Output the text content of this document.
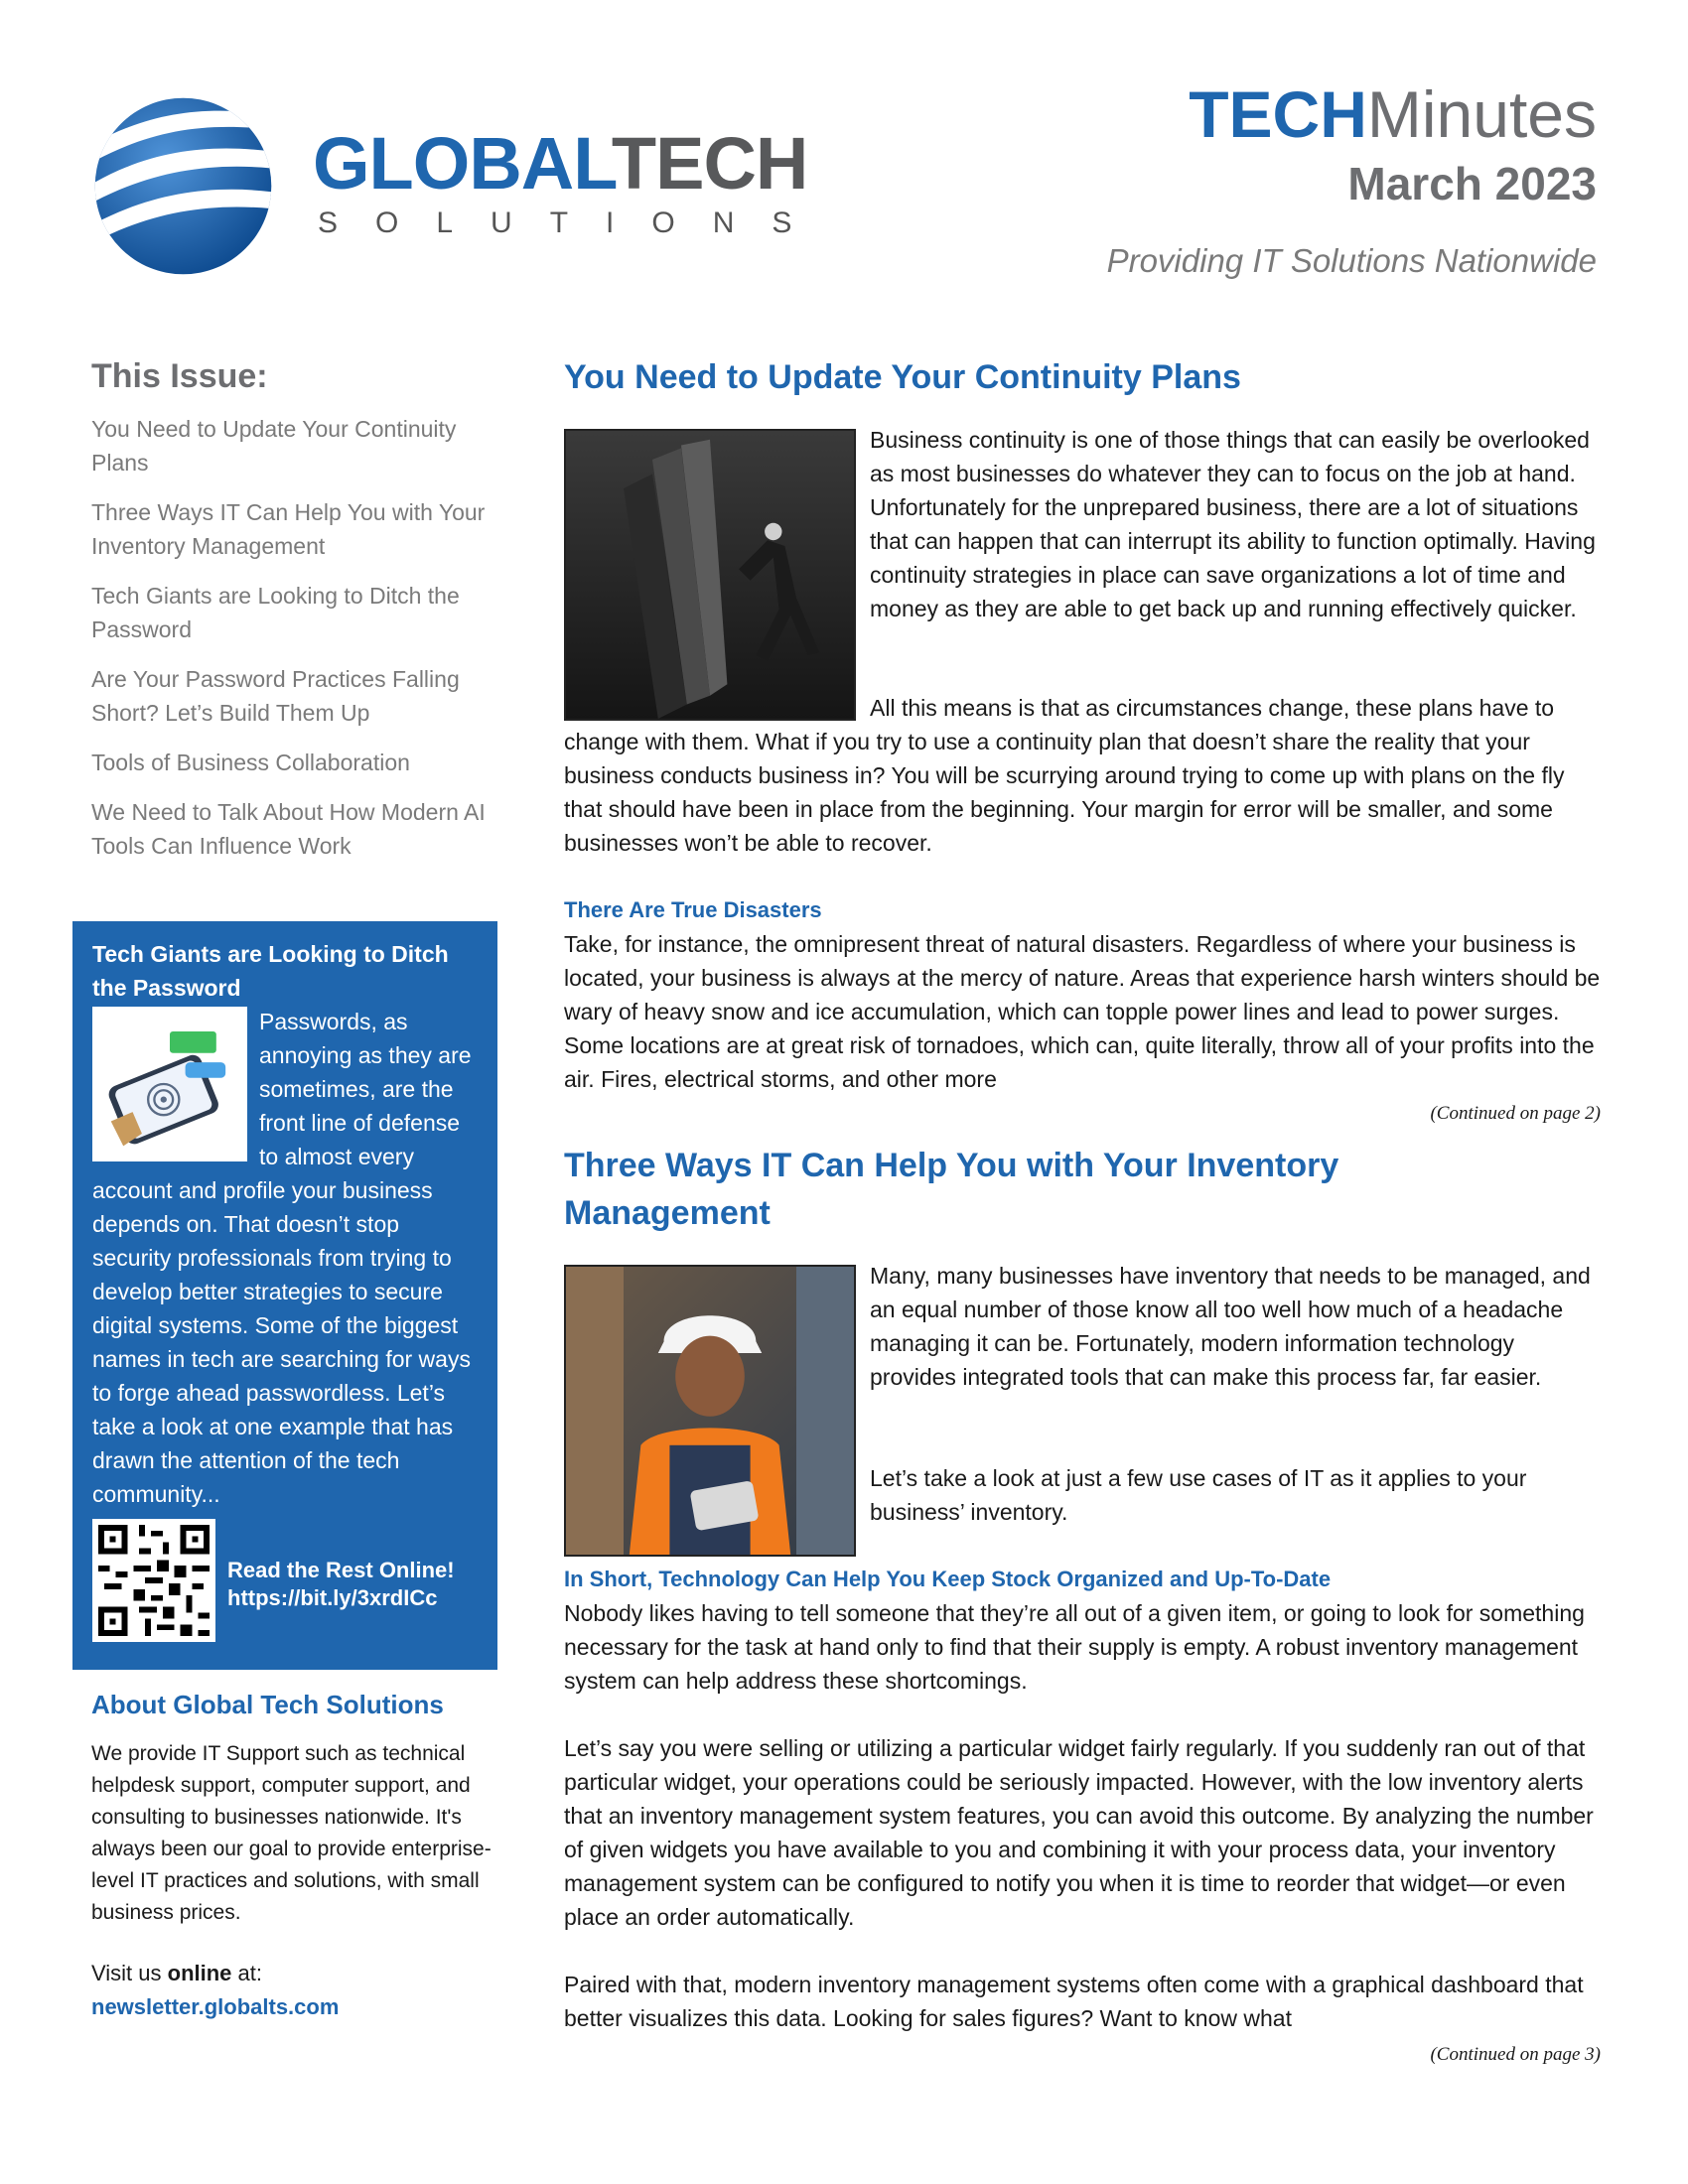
GLOBALTECH
SOLUTIONS
TECHMinutes
March 2023
Providing IT Solutions Nationwide
This Issue:
You Need to Update Your Continuity Plans
Three Ways IT Can Help You with Your Inventory Management
Tech Giants are Looking to Ditch the Password
Are Your Password Practices Falling Short? Let’s Build Them Up
Tools of Business Collaboration
We Need to Talk About How Modern AI Tools Can Influence Work
Tech Giants are Looking to Ditch the Password
Passwords, as annoying as they are sometimes, are the front line of defense to almost every account and profile your business depends on. That doesn’t stop security professionals from trying to develop better strategies to secure digital systems. Some of the biggest names in tech are searching for ways to forge ahead passwordless. Let’s take a look at one example that has drawn the attention of the tech community...
Read the Rest Online!
https://bit.ly/3xrdICc
About Global Tech Solutions
We provide IT Support such as technical helpdesk support, computer support, and consulting to businesses nationwide. It's always been our goal to provide enterprise-level IT practices and solutions, with small business prices.
Visit us online at:
newsletter.globalts.com
You Need to Update Your Continuity Plans
Business continuity is one of those things that can easily be overlooked as most businesses do whatever they can to focus on the job at hand. Unfortunately for the unprepared business, there are a lot of situations that can happen that can interrupt its ability to function optimally. Having continuity strategies in place can save organizations a lot of time and money as they are able to get back up and running effectively quicker.
All this means is that as circumstances change, these plans have to change with them. What if you try to use a continuity plan that doesn’t share the reality that your business conducts business in? You will be scurrying around trying to come up with plans on the fly that should have been in place from the beginning. Your margin for error will be smaller, and some businesses won’t be able to recover.
There Are True Disasters
Take, for instance, the omnipresent threat of natural disasters. Regardless of where your business is located, your business is always at the mercy of nature. Areas that experience harsh winters should be wary of heavy snow and ice accumulation, which can topple power lines and lead to power surges. Some locations are at great risk of tornadoes, which can, quite literally, throw all of your profits into the air. Fires, electrical storms, and other more
(Continued on page 2)
Three Ways IT Can Help You with Your Inventory Management
Many, many businesses have inventory that needs to be managed, and an equal number of those know all too well how much of a headache managing it can be. Fortunately, modern information technology provides integrated tools that can make this process far, far easier.
Let’s take a look at just a few use cases of IT as it applies to your business’ inventory.
In Short, Technology Can Help You Keep Stock Organized and Up-To-Date
Nobody likes having to tell someone that they’re all out of a given item, or going to look for something necessary for the task at hand only to find that their supply is empty. A robust inventory management system can help address these shortcomings.
Let’s say you were selling or utilizing a particular widget fairly regularly. If you suddenly ran out of that particular widget, your operations could be seriously impacted. However, with the low inventory alerts that an inventory management system features, you can avoid this outcome. By analyzing the number of given widgets you have available to you and combining it with your process data, your inventory management system can be configured to notify you when it is time to reorder that widget—or even place an order automatically.
Paired with that, modern inventory management systems often come with a graphical dashboard that better visualizes this data. Looking for sales figures? Want to know what
(Continued on page 3)
